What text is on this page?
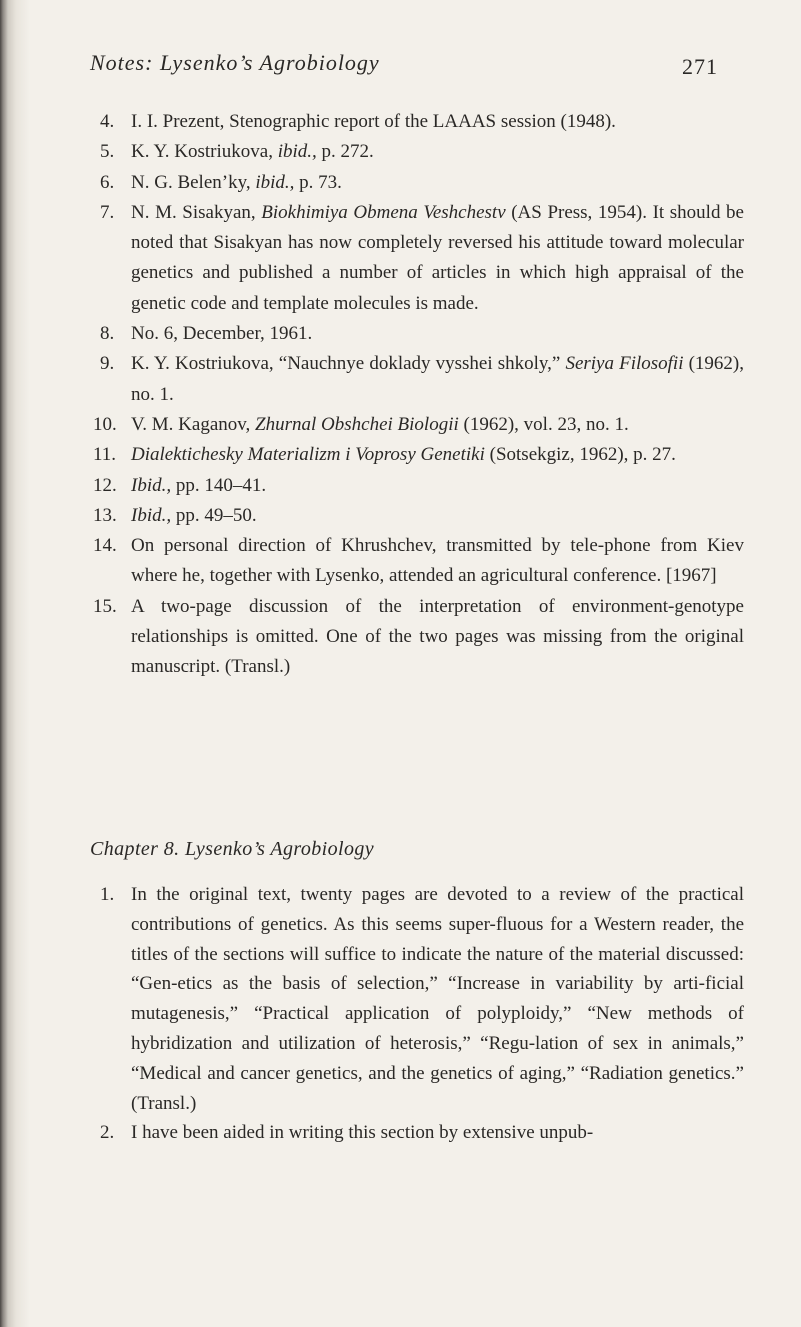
Notes: Lysenko’s Agrobiology	271
4. I. I. Prezent, Stenographic report of the LAAAS session (1948).
5. K. Y. Kostriukova, ibid., p. 272.
6. N. G. Belen’ky, ibid., p. 73.
7. N. M. Sisakyan, Biokhimiya Obmena Veshchestv (AS Press, 1954). It should be noted that Sisakyan has now completely reversed his attitude toward molecular genetics and published a number of articles in which high appraisal of the genetic code and template molecules is made.
8. No. 6, December, 1961.
9. K. Y. Kostriukova, “Nauchnye doklady vysshei shkoly,” Seriya Filosofii (1962), no. 1.
10. V. M. Kaganov, Zhurnal Obshchei Biologii (1962), vol. 23, no. 1.
11. Dialektichesky Materializm i Voprosy Genetiki (Sotsekgiz, 1962), p. 27.
12. Ibid., pp. 140–41.
13. Ibid., pp. 49–50.
14. On personal direction of Khrushchev, transmitted by tele-phone from Kiev where he, together with Lysenko, attended an agricultural conference. [1967]
15. A two-page discussion of the interpretation of environment-genotype relationships is omitted. One of the two pages was missing from the original manuscript. (Transl.)
Chapter 8. Lysenko’s Agrobiology
1. In the original text, twenty pages are devoted to a review of the practical contributions of genetics. As this seems super-fluous for a Western reader, the titles of the sections will suffice to indicate the nature of the material discussed: “Gen-etics as the basis of selection,” “Increase in variability by arti-ficial mutagenesis,” “Practical application of polyploidy,” “New methods of hybridization and utilization of heterosis,” “Regu-lation of sex in animals,” “Medical and cancer genetics, and the genetics of aging,” “Radiation genetics.” (Transl.)
2. I have been aided in writing this section by extensive unpub-
